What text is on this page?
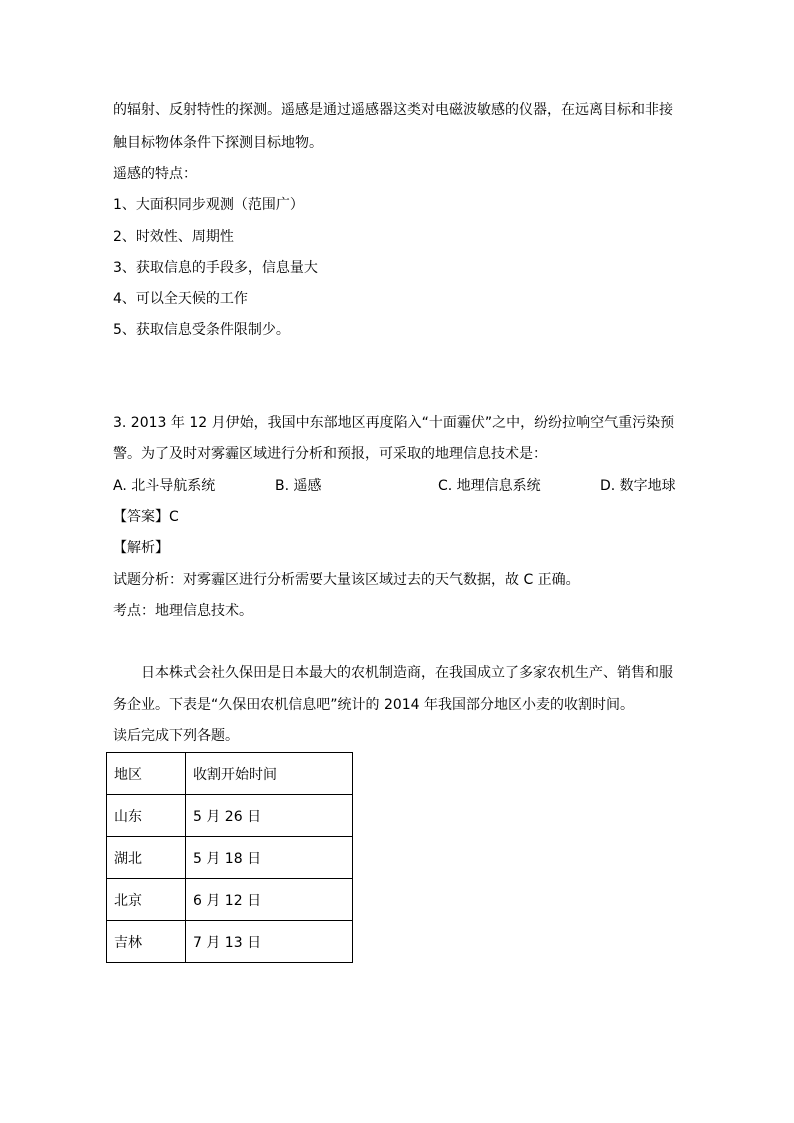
的辐射、反射特性的探测。遥感是通过遥感器这类对电磁波敏感的仪器，在远离目标和非接
触目标物体条件下探测目标地物。
遥感的特点：
1、大面积同步观测（范围广）
2、时效性、周期性
3、获取信息的手段多，信息量大
4、可以全天候的工作
5、获取信息受条件限制少。
3. 2013 年 12 月伊始，我国中东部地区再度陷入“十面霾伏”之中，纷纷拉响空气重污染预
警。为了及时对雾霾区域进行分析和预报，可采取的地理信息技术是：
A. 北斗导航系统	B. 遥感	C. 地理信息系统	D. 数字地球
【答案】C
【解析】
试题分析：对雾霾区进行分析需要大量该区域过去的天气数据，故 C 正确。
考点：地理信息技术。
日本株式会社久保田是日本最大的农机制造商，在我国成立了多家农机生产、销售和服
务企业。下表是“久保田农机信息吧”统计的 2014 年我国部分地区小麦的收割时间。
读后完成下列各题。
地区	收割开始时间
山东	5 月 26 日
湖北	5 月 18 日
北京	6 月 12 日
吉林	7 月 13 日
